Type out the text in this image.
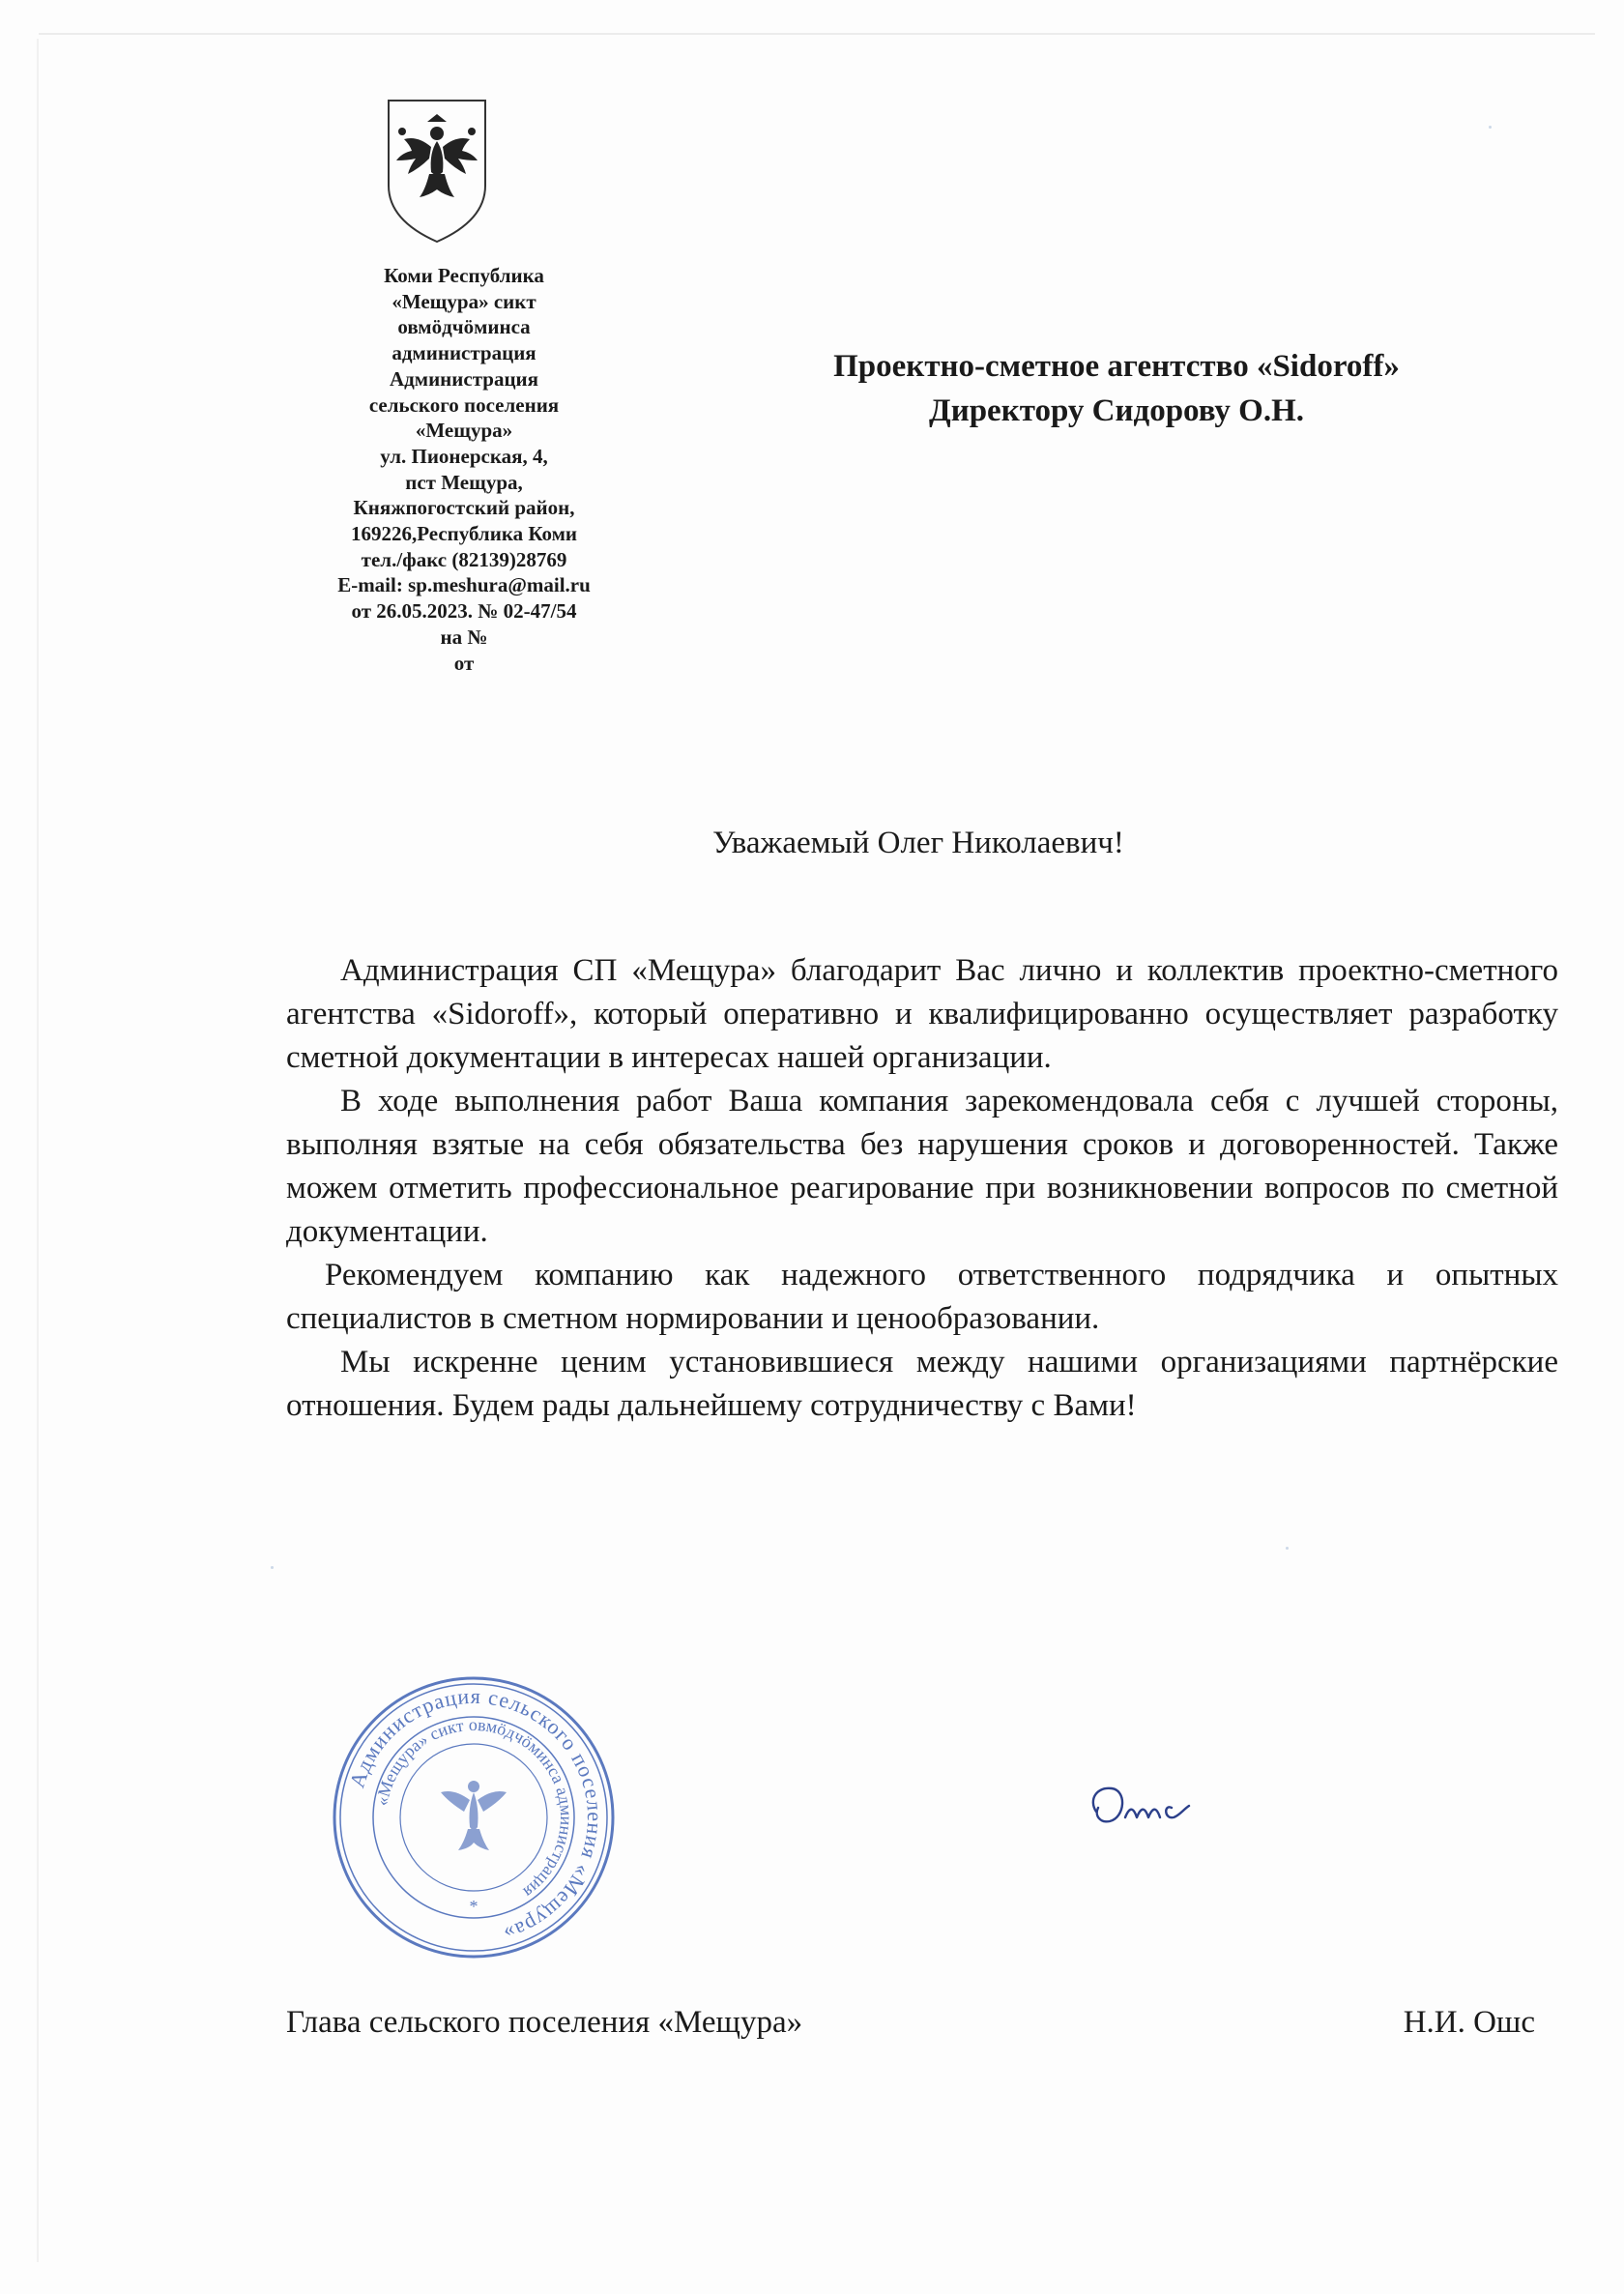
Коми Республика
«Мещура» сикт
овмӧдчӧминса
администрация
Администрация
сельского поселения
«Мещура»
ул. Пионерская, 4,
пст Мещура,
Княжпогостский район,
169226,Республика Коми
тел./факс (82139)28769
E-mail: sp.meshura@mail.ru
от 26.05.2023. № 02-47/54
на №
от
Проектно-сметное агентство «Sidoroff»
Директору Сидорову О.Н.
Уважаемый Олег Николаевич!

Администрация СП «Мещура» благодарит Вас лично и коллектив проектно-сметного агентства «Sidoroff», который оперативно и квалифицированно осуществляет разработку сметной документации в интересах нашей организации.

В ходе выполнения работ Ваша компания зарекомендовала себя с лучшей стороны, выполняя взятые на себя обязательства без нарушения сроков и договоренностей. Также можем отметить профессиональное реагирование при возникновении вопросов по сметной документации.

Рекомендуем компанию как надежного ответственного подрядчика и опытных специалистов в сметном нормировании и ценообразовании.

Мы искренне ценим установившиеся между нашими организациями партнёрские отношения. Будем рады дальнейшему сотрудничеству с Вами!

Администрация сельского поселения «Мещура»
«Мещура» сикт овмӧдчӧминса администрация
*
Глава сельского поселения «Мещура»	Н.И. Ошс
